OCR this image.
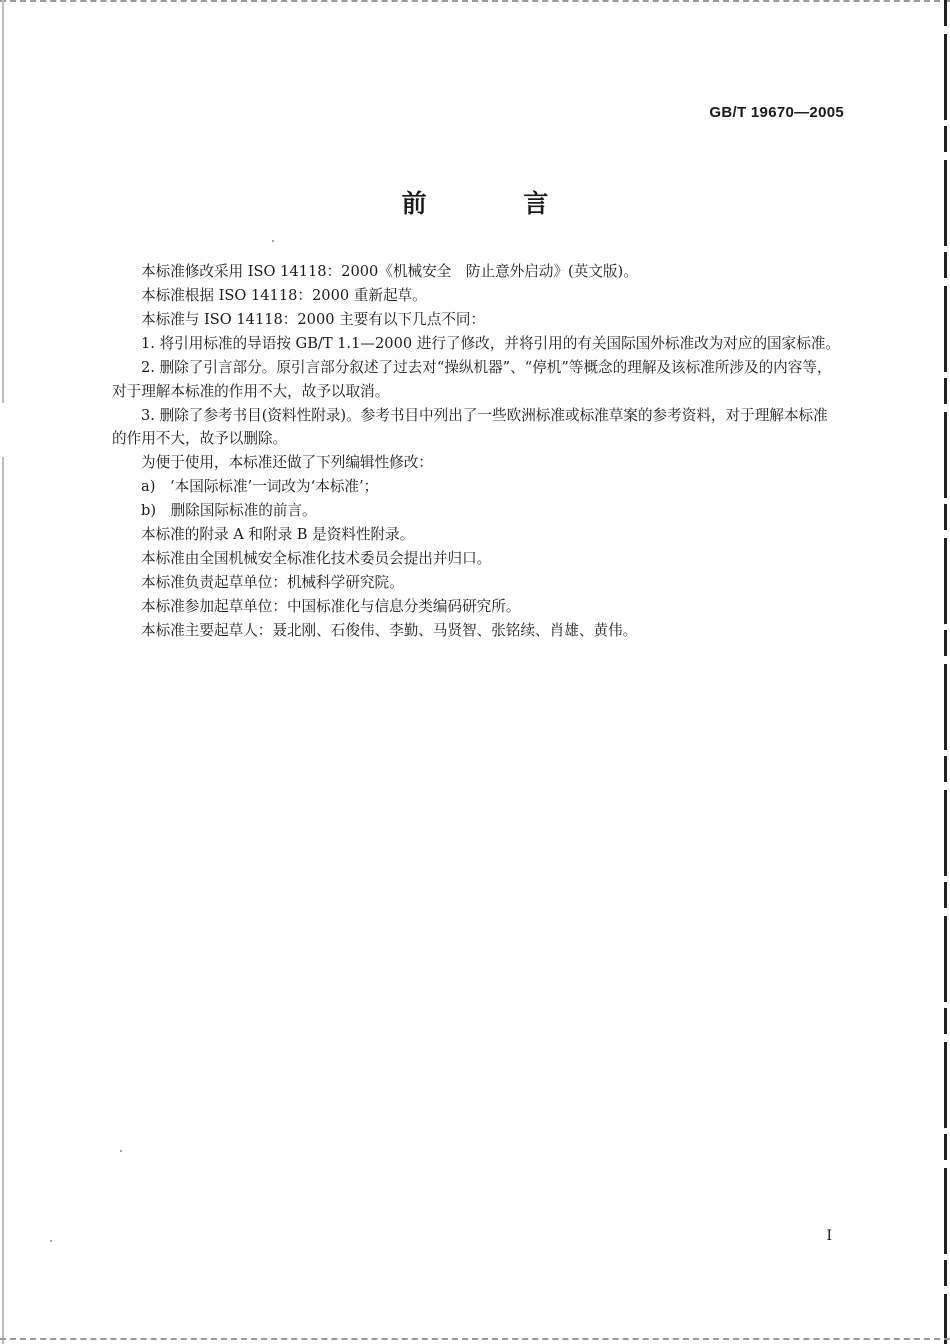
GB/T 19670—2005
前 言

本标准修改采用 ISO 14118：2000《机械安全　防止意外启动》(英文版)。

本标准根据 ISO 14118：2000 重新起草。

本标准与 ISO 14118：2000 主要有以下几点不同：

1. 将引用标准的导语按 GB/T 1.1—2000 进行了修改，并将引用的有关国际国外标准改为对应的国家标准。

2. 删除了引言部分。原引言部分叙述了过去对“操纵机器”、“停机”等概念的理解及该标准所涉及的内容等，对于理解本标准的作用不大，故予以取消。

3. 删除了参考书目(资料性附录)。参考书目中列出了一些欧洲标准或标准草案的参考资料，对于理解本标准的作用不大，故予以删除。

为便于使用，本标准还做了下列编辑性修改：

a)　‘本国际标准’一词改为‘本标准’；

b)　删除国际标准的前言。

本标准的附录 A 和附录 B 是资料性附录。

本标准由全国机械安全标准化技术委员会提出并归口。

本标准负责起草单位：机械科学研究院。

本标准参加起草单位：中国标准化与信息分类编码研究所。

本标准主要起草人：聂北刚、石俊伟、李勤、马贤智、张铭续、肖雄、黄伟。

I
